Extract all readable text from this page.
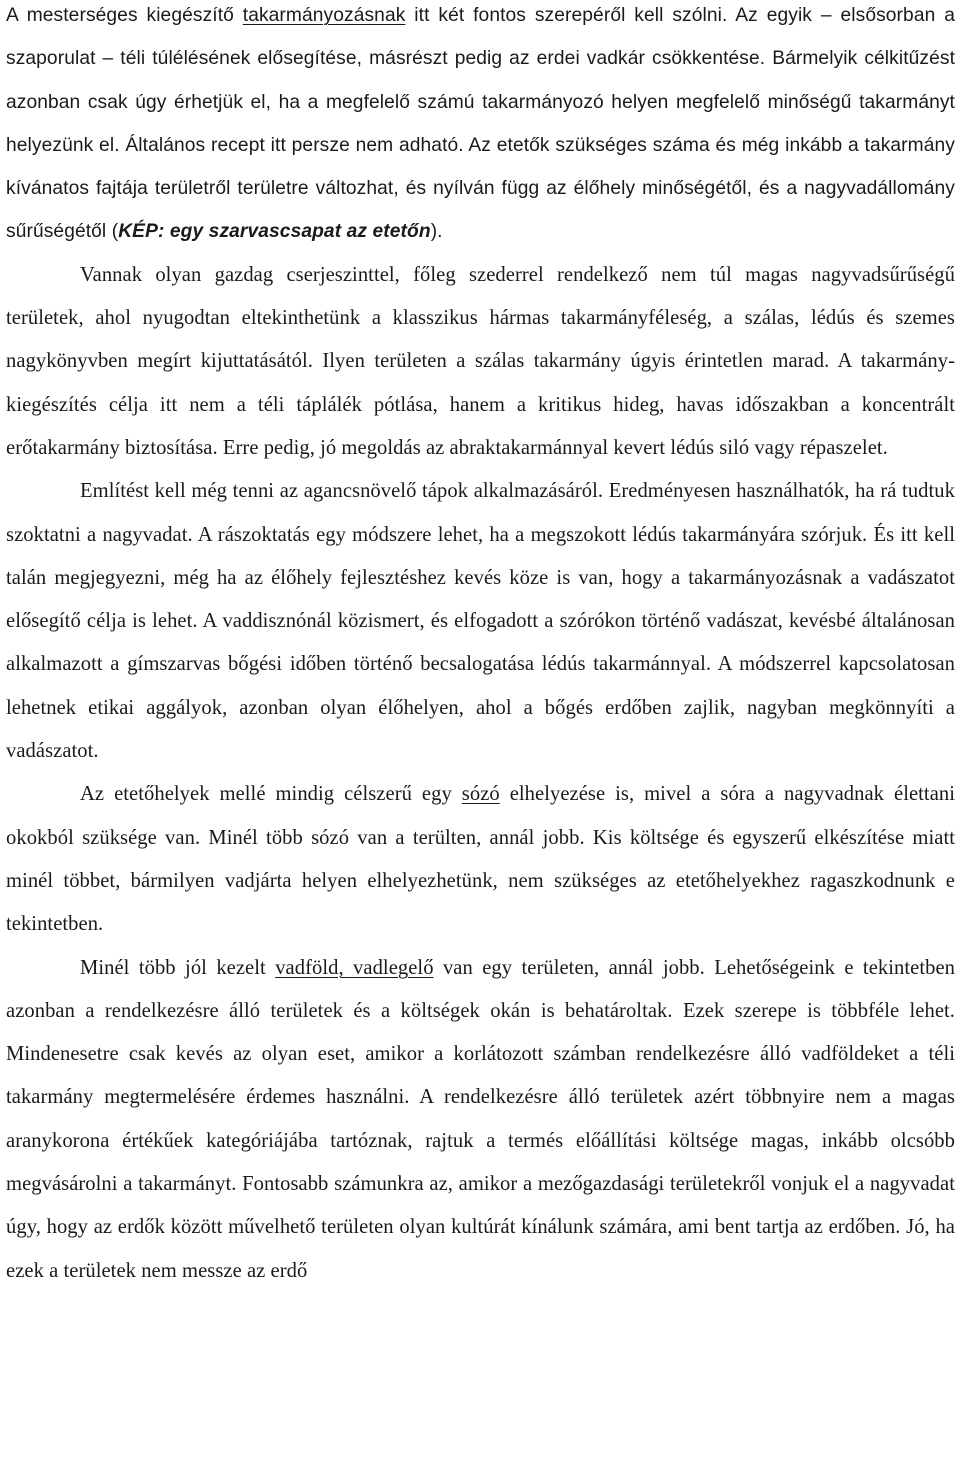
A mesterséges kiegészítő takarmányozásnak itt két fontos szerepéről kell szólni. Az egyik – elsősorban a szaporulat – téli túlélésének elősegítése, másrészt pedig az erdei vadkár csökkentése. Bármelyik célkitűzést azonban csak úgy érhetjük el, ha a megfelelő számú takarmányozó helyen megfelelő minőségű takarmányt helyezünk el. Általános recept itt persze nem adható. Az etetők szükséges száma és még inkább a takarmány kívánatos fajtája területről területre változhat, és nyílván függ az élőhely minőségétől, és a nagyvadállomány sűrűségétől (KÉP: egy szarvascsapat az etetőn).

Vannak olyan gazdag cserjeszinttel, főleg szederrel rendelkező nem túl magas nagyvadsűrűségű területek, ahol nyugodtan eltekinthetünk a klasszikus hármas takarmányféleség, a szálas, lédús és szemes nagykönyvben megírt kijuttatásától. Ilyen területen a szálas takarmány úgyis érintetlen marad. A takarmány-kiegészítés célja itt nem a téli táplálék pótlása, hanem a kritikus hideg, havas időszakban a koncentrált erőtakarmány biztosítása. Erre pedig, jó megoldás az abraktakarmánnyal kevert lédús siló vagy répaszelet.

Említést kell még tenni az agancsnövelő tápok alkalmazásáról. Eredményesen használhatók, ha rá tudtuk szoktatni a nagyvadat. A rászoktatás egy módszere lehet, ha a megszokott lédús takarmányára szórjuk. És itt kell talán megjegyezni, még ha az élőhely fejlesztéshez kevés köze is van, hogy a takarmányozásnak a vadászatot elősegítő célja is lehet. A vaddisznónál közismert, és elfogadott a szórókon történő vadászat, kevésbé általánosan alkalmazott a gímszarvas bőgési időben történő becsalogatása lédús takarmánnyal. A módszerrel kapcsolatosan lehetnek etikai aggályok, azonban olyan élőhelyen, ahol a bőgés erdőben zajlik, nagyban megkönnyíti a vadászatot.

Az etetőhelyek mellé mindig célszerű egy sózó elhelyezése is, mivel a sóra a nagyvadnak élettani okokból szüksége van. Minél több sózó van a terülten, annál jobb. Kis költsége és egyszerű elkészítése miatt minél többet, bármilyen vadjárta helyen elhelyezhetünk, nem szükséges az etetőhelyekhez ragaszkodnunk e tekintetben.

Minél több jól kezelt vadföld, vadlegelő van egy területen, annál jobb. Lehetőségeink e tekintetben azonban a rendelkezésre álló területek és a költségek okán is behatároltak. Ezek szerepe is többféle lehet. Mindenesetre csak kevés az olyan eset, amikor a korlátozott számban rendelkezésre álló vadföldeket a téli takarmány megtermelésére érdemes használni. A rendelkezésre álló területek azért többnyire nem a magas aranykorona értékűek kategóriájába tartóznak, rajtuk a termés előállítási költsége magas, inkább olcsóbb megvásárolni a takarmányt. Fontosabb számunkra az, amikor a mezőgazdasági területekről vonjuk el a nagyvadat úgy, hogy az erdők között művelhető területen olyan kultúrát kínálunk számára, ami bent tartja az erdőben. Jó, ha ezek a területek nem messze az erdő
